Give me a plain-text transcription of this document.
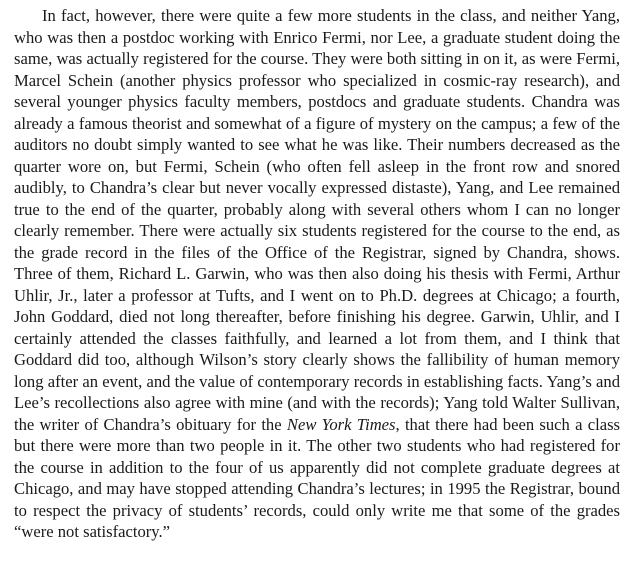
In fact, however, there were quite a few more students in the class, and neither Yang, who was then a postdoc working with Enrico Fermi, nor Lee, a graduate student doing the same, was actually registered for the course. They were both sitting in on it, as were Fermi, Marcel Schein (another physics professor who specialized in cosmic-ray research), and several younger physics faculty members, postdocs and graduate students. Chandra was already a famous theorist and somewhat of a figure of mystery on the campus; a few of the auditors no doubt simply wanted to see what he was like. Their numbers decreased as the quarter wore on, but Fermi, Schein (who often fell asleep in the front row and snored audibly, to Chandra’s clear but never vocally expressed distaste), Yang, and Lee remained true to the end of the quarter, probably along with several others whom I can no longer clearly remember. There were actually six students registered for the course to the end, as the grade record in the files of the Office of the Registrar, signed by Chandra, shows. Three of them, Richard L. Garwin, who was then also doing his thesis with Fermi, Arthur Uhlir, Jr., later a professor at Tufts, and I went on to Ph.D. degrees at Chicago; a fourth, John Goddard, died not long thereafter, before finishing his degree. Garwin, Uhlir, and I certainly attended the classes faithfully, and learned a lot from them, and I think that Goddard did too, although Wilson’s story clearly shows the fallibility of human memory long after an event, and the value of contemporary records in establishing facts. Yang’s and Lee’s recollections also agree with mine (and with the records); Yang told Walter Sullivan, the writer of Chandra’s obituary for the New York Times, that there had been such a class but there were more than two people in it. The other two students who had registered for the course in addition to the four of us apparently did not complete graduate degrees at Chicago, and may have stopped attending Chandra’s lectures; in 1995 the Registrar, bound to respect the privacy of students’ records, could only write me that some of the grades “were not satisfactory.”
